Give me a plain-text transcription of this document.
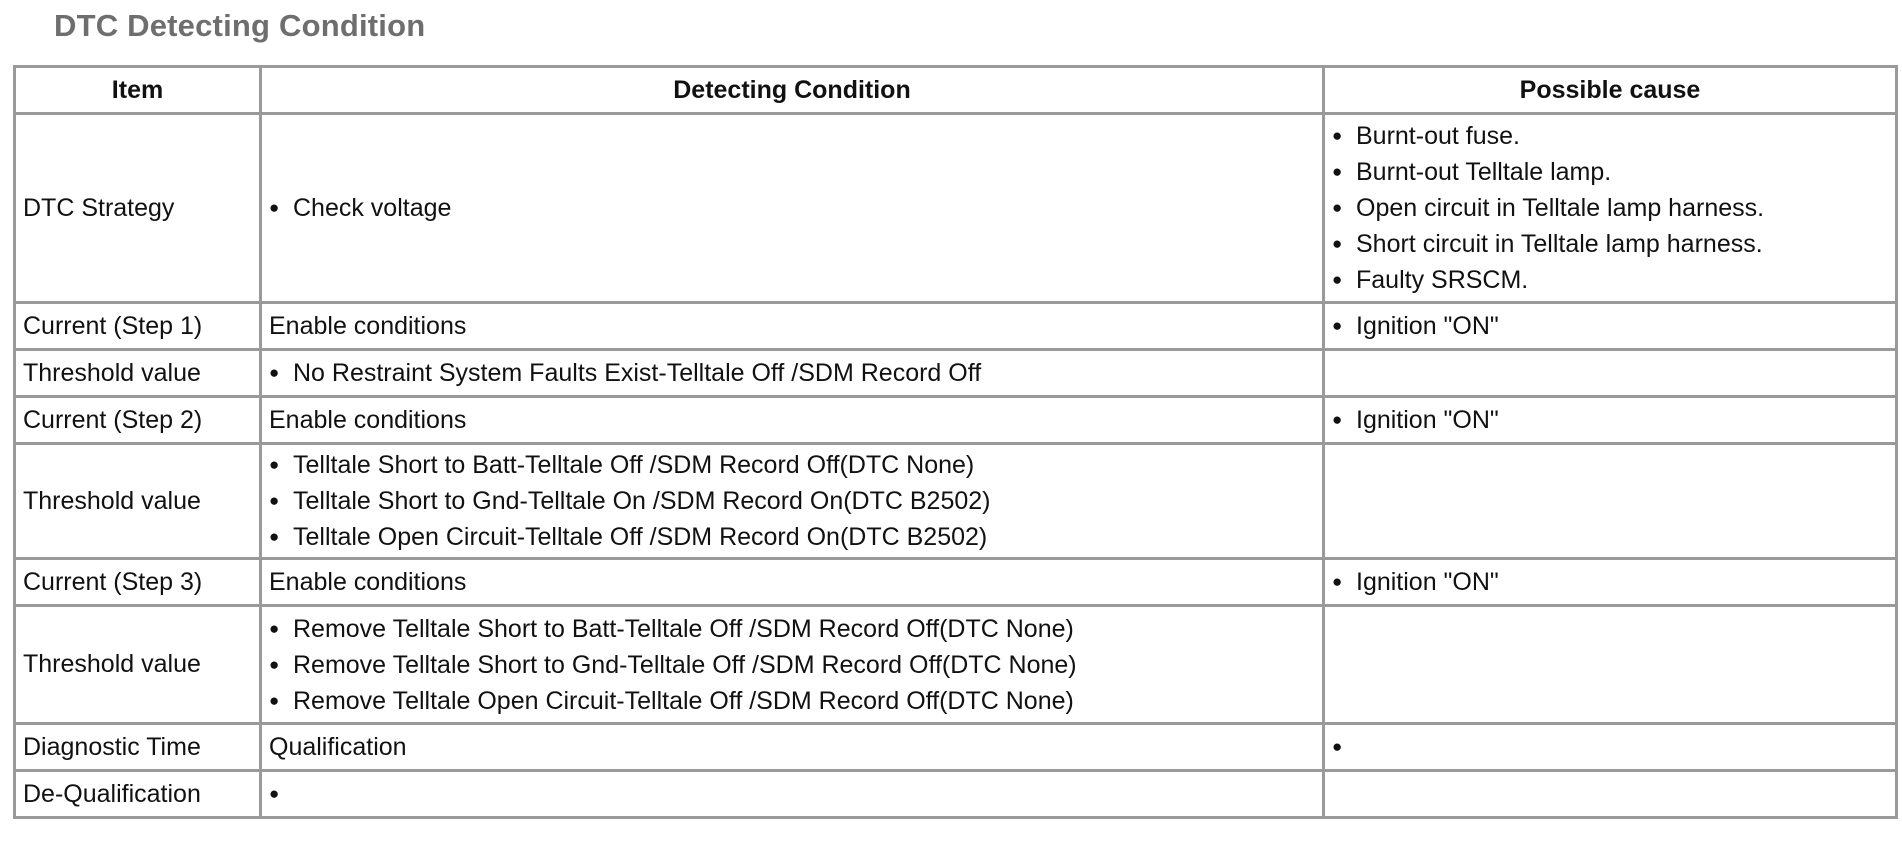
DTC Detecting Condition
Item	Detecting Condition	Possible cause
DTC Strategy	● Check voltage	● Burnt-out fuse.
● Burnt-out Telltale lamp.
● Open circuit in Telltale lamp harness.
● Short circuit in Telltale lamp harness.
● Faulty SRSCM.

Current (Step 1)	Enable conditions	● Ignition "ON"

Threshold value	● No Restraint System Faults Exist-Telltale Off /SDM Record Off

Current (Step 2)	Enable conditions	● Ignition "ON"

Threshold value	● Telltale Short to Batt-Telltale Off /SDM Record Off(DTC None)
● Telltale Short to Gnd-Telltale On /SDM Record On(DTC B2502)
● Telltale Open Circuit-Telltale Off /SDM Record On(DTC B2502)

Current (Step 3)	Enable conditions	● Ignition "ON"

Threshold value	● Remove Telltale Short to Batt-Telltale Off /SDM Record Off(DTC None)
● Remove Telltale Short to Gnd-Telltale Off /SDM Record Off(DTC None)
● Remove Telltale Open Circuit-Telltale Off /SDM Record Off(DTC None)

Diagnostic Time	Qualification	●
De-Qualification	●	
